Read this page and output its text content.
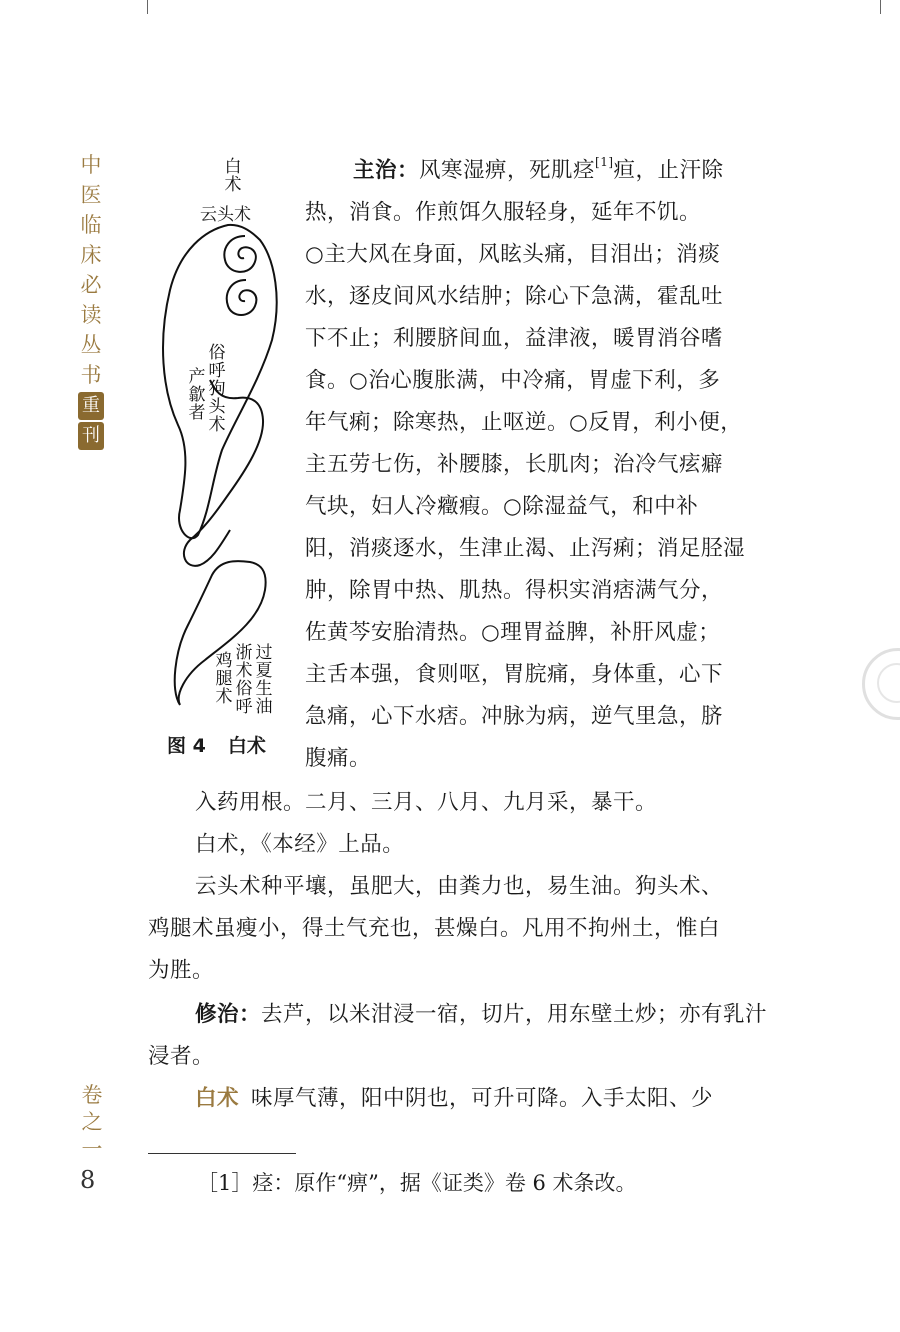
中医临床必读丛书
重
刊
白术
云头术
俗呼狗头术
产歙者
过夏生油
浙术俗呼
鸡腿术
图 4 白术
主治：风寒湿痹，死肌痉[1]疸，止汗除
热，消食。作煎饵久服轻身，延年不饥。
○主大风在身面，风眩头痛，目泪出；消痰
水，逐皮间风水结肿；除心下急满，霍乱吐
下不止；利腰脐间血，益津液，暖胃消谷嗜
食。○治心腹胀满，中冷痛，胃虚下利，多
年气痢；除寒热，止呕逆。○反胃，利小便，
主五劳七伤，补腰膝，长肌肉；治冷气痃癖
气块，妇人冷癥瘕。○除湿益气，和中补
阳，消痰逐水，生津止渴、止泻痢；消足胫湿
肿，除胃中热、肌热。得枳实消痞满气分，
佐黄芩安胎清热。○理胃益脾，补肝风虚；
主舌本强，食则呕，胃脘痛，身体重，心下
急痛，心下水痞。冲脉为病，逆气里急，脐
腹痛。
入药用根。二月、三月、八月、九月采，暴干。
白术，《本经》上品。
云头术种平壤，虽肥大，由粪力也，易生油。狗头术、
鸡腿术虽瘦小，得土气充也，甚燥白。凡用不拘州土，惟白
为胜。
修治：去芦，以米泔浸一宿，切片，用东壁土炒；亦有乳汁
浸者。
白术 味厚气薄，阳中阴也，可升可降。入手太阳、少
卷之一
8	［1］痉：原作“痹”，据《证类》卷 6 术条改。
